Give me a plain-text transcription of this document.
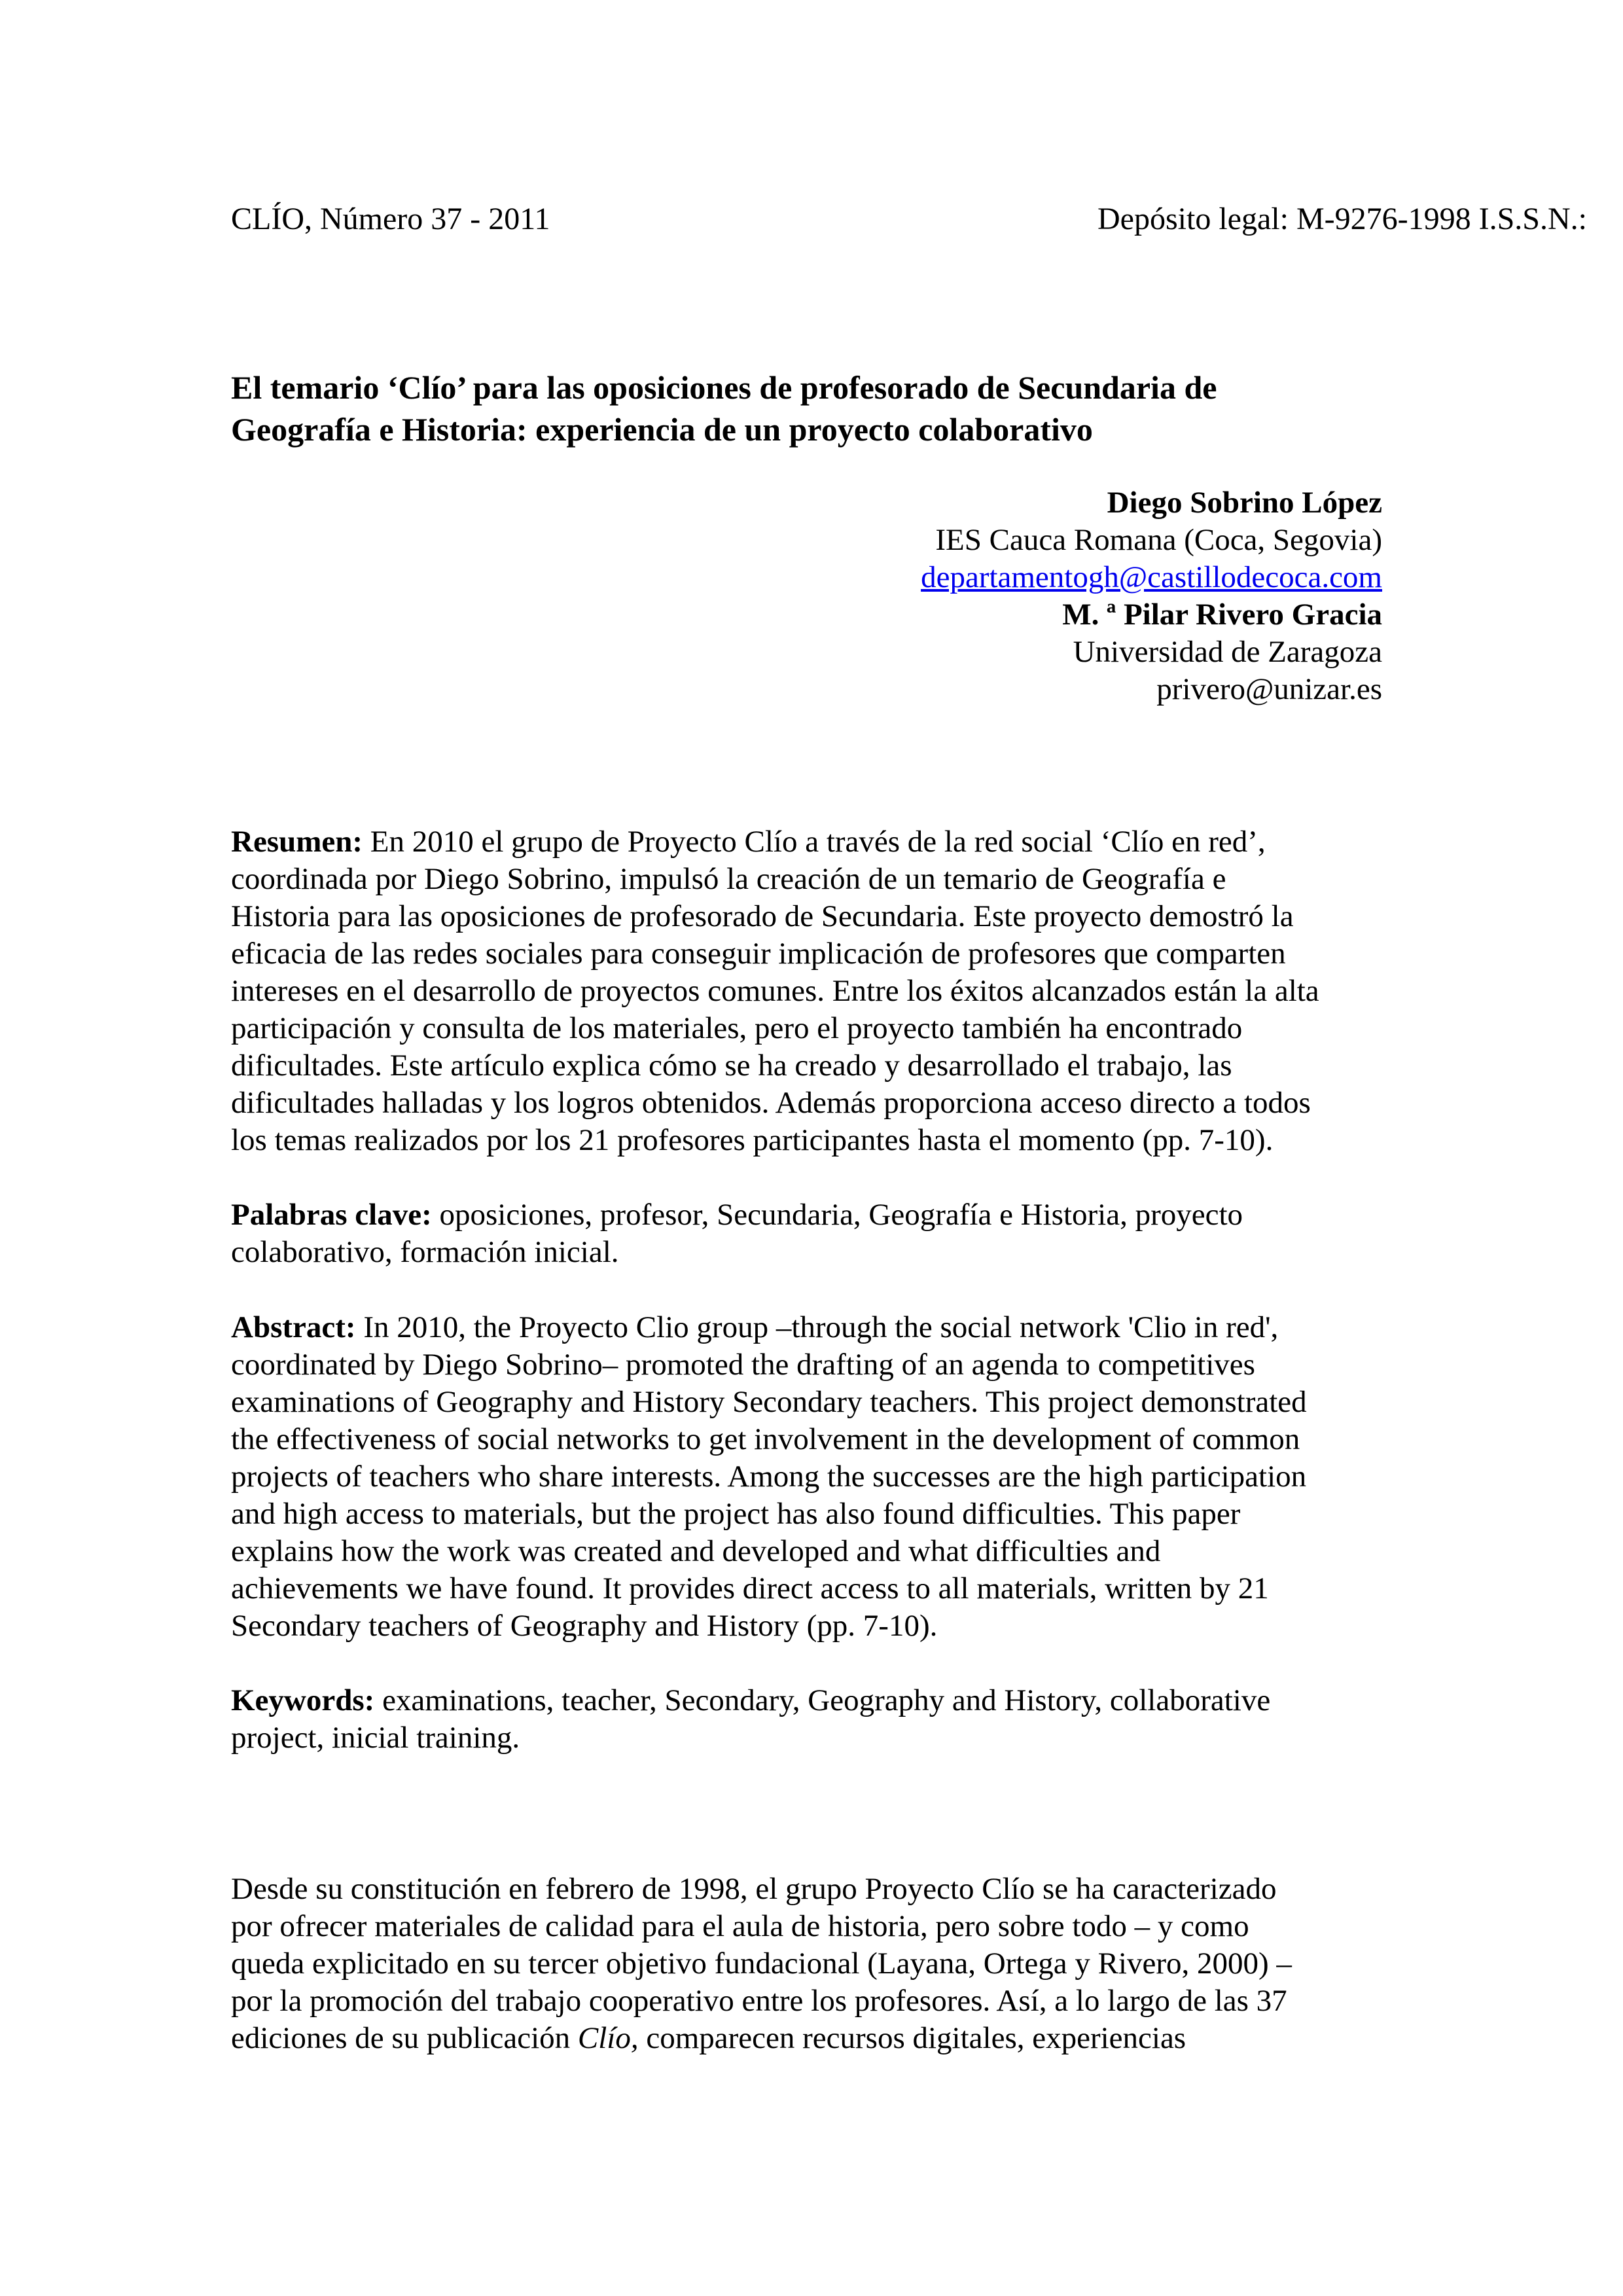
CLÍO, Número 37 - 2011	Depósito legal: M-9276-1998 I.S.S.N.:
El temario ‘Clío’ para las oposiciones de profesorado de Secundaria de
Geografía e Historia: experiencia de un proyecto colaborativo
Diego Sobrino López
IES Cauca Romana (Coca, Segovia)
departamentogh@castillodecoca.com
M. ª Pilar Rivero Gracia
Universidad de Zaragoza
privero@unizar.es
Resumen: En 2010 el grupo de Proyecto Clío a través de la red social ‘Clío en red’,
coordinada por Diego Sobrino, impulsó la creación de un temario de Geografía e
Historia para las oposiciones de profesorado de Secundaria. Este proyecto demostró la
eficacia de las redes sociales para conseguir implicación de profesores que comparten
intereses en el desarrollo de proyectos comunes. Entre los éxitos alcanzados están la alta
participación y consulta de los materiales, pero el proyecto también ha encontrado
dificultades. Este artículo explica cómo se ha creado y desarrollado el trabajo, las
dificultades halladas y los logros obtenidos. Además proporciona acceso directo a todos
los temas realizados por los 21 profesores participantes hasta el momento (pp. 7-10).
Palabras clave: oposiciones, profesor, Secundaria, Geografía e Historia, proyecto
colaborativo, formación inicial.
Abstract: In 2010, the Proyecto Clio group –through the social network 'Clio in red',
coordinated by Diego Sobrino– promoted the drafting of an agenda to competitives
examinations of Geography and History Secondary teachers. This project demonstrated
the effectiveness of social networks to get involvement in the development of common
projects of teachers who share interests. Among the successes are the high participation
and high access to materials, but the project has also found difficulties. This paper
explains how the work was created and developed and what difficulties and
achievements we have found. It provides direct access to all materials, written by 21
Secondary teachers of Geography and History (pp. 7-10).
Keywords: examinations, teacher, Secondary, Geography and History, collaborative
project, inicial training.
Desde su constitución en febrero de 1998, el grupo Proyecto Clío se ha caracterizado
por ofrecer materiales de calidad para el aula de historia, pero sobre todo – y como
queda explicitado en su tercer objetivo fundacional (Layana, Ortega y Rivero, 2000) –
por la promoción del trabajo cooperativo entre los profesores. Así, a lo largo de las 37
ediciones de su publicación Clío, comparecen recursos digitales, experiencias
